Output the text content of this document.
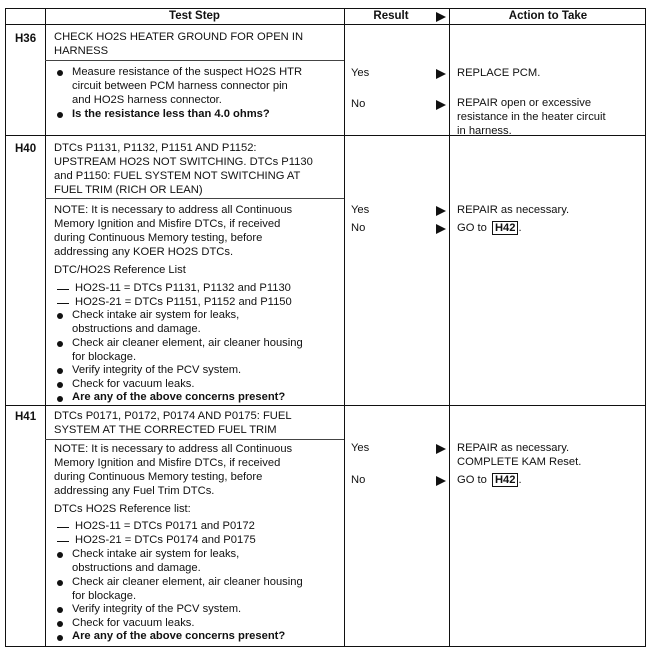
Test Step	Result	Action to Take
H36 CHECK HO2S HEATER GROUND FOR OPEN IN
HARNESS
Measure resistance of the suspect HO2S HTR
circuit between PCM harness connector pin
and HO2S harness connector.
Is the resistance less than 4.0 ohms?
Yes	REPLACE PCM.
No	REPAIR open or excessive
resistance in the heater circuit
in harness.
H40 DTCs P1131, P1132, P1151 AND P1152:
UPSTREAM HO2S NOT SWITCHING. DTCs P1130
and P1150: FUEL SYSTEM NOT SWITCHING AT
FUEL TRIM (RICH OR LEAN)
NOTE: It is necessary to address all Continuous
Memory Ignition and Misfire DTCs, if received
during Continuous Memory testing, before
addressing any KOER HO2S DTCs.
DTC/HO2S Reference List
HO2S-11 = DTCs P1131, P1132 and P1130
HO2S-21 = DTCs P1151, P1152 and P1150
Check intake air system for leaks,
obstructions and damage.
Check air cleaner element, air cleaner housing
for blockage.
Verify integrity of the PCV system.
Check for vacuum leaks.
Are any of the above concerns present?
Yes	REPAIR as necessary.
No	GO to H42 .
H41 DTCs P0171, P0172, P0174 AND P0175: FUEL
SYSTEM AT THE CORRECTED FUEL TRIM
NOTE: It is necessary to address all Continuous
Memory Ignition and Misfire DTCs, if received
during Continuous Memory testing, before
addressing any Fuel Trim DTCs.
DTCs HO2S Reference list:
HO2S-11 = DTCs P0171 and P0172
HO2S-21 = DTCs P0174 and P0175
Check intake air system for leaks,
obstructions and damage.
Check air cleaner element, air cleaner housing
for blockage.
Verify integrity of the PCV system.
Check for vacuum leaks.
Are any of the above concerns present?
Yes	REPAIR as necessary.
COMPLETE KAM Reset.
No	GO to H42 .
